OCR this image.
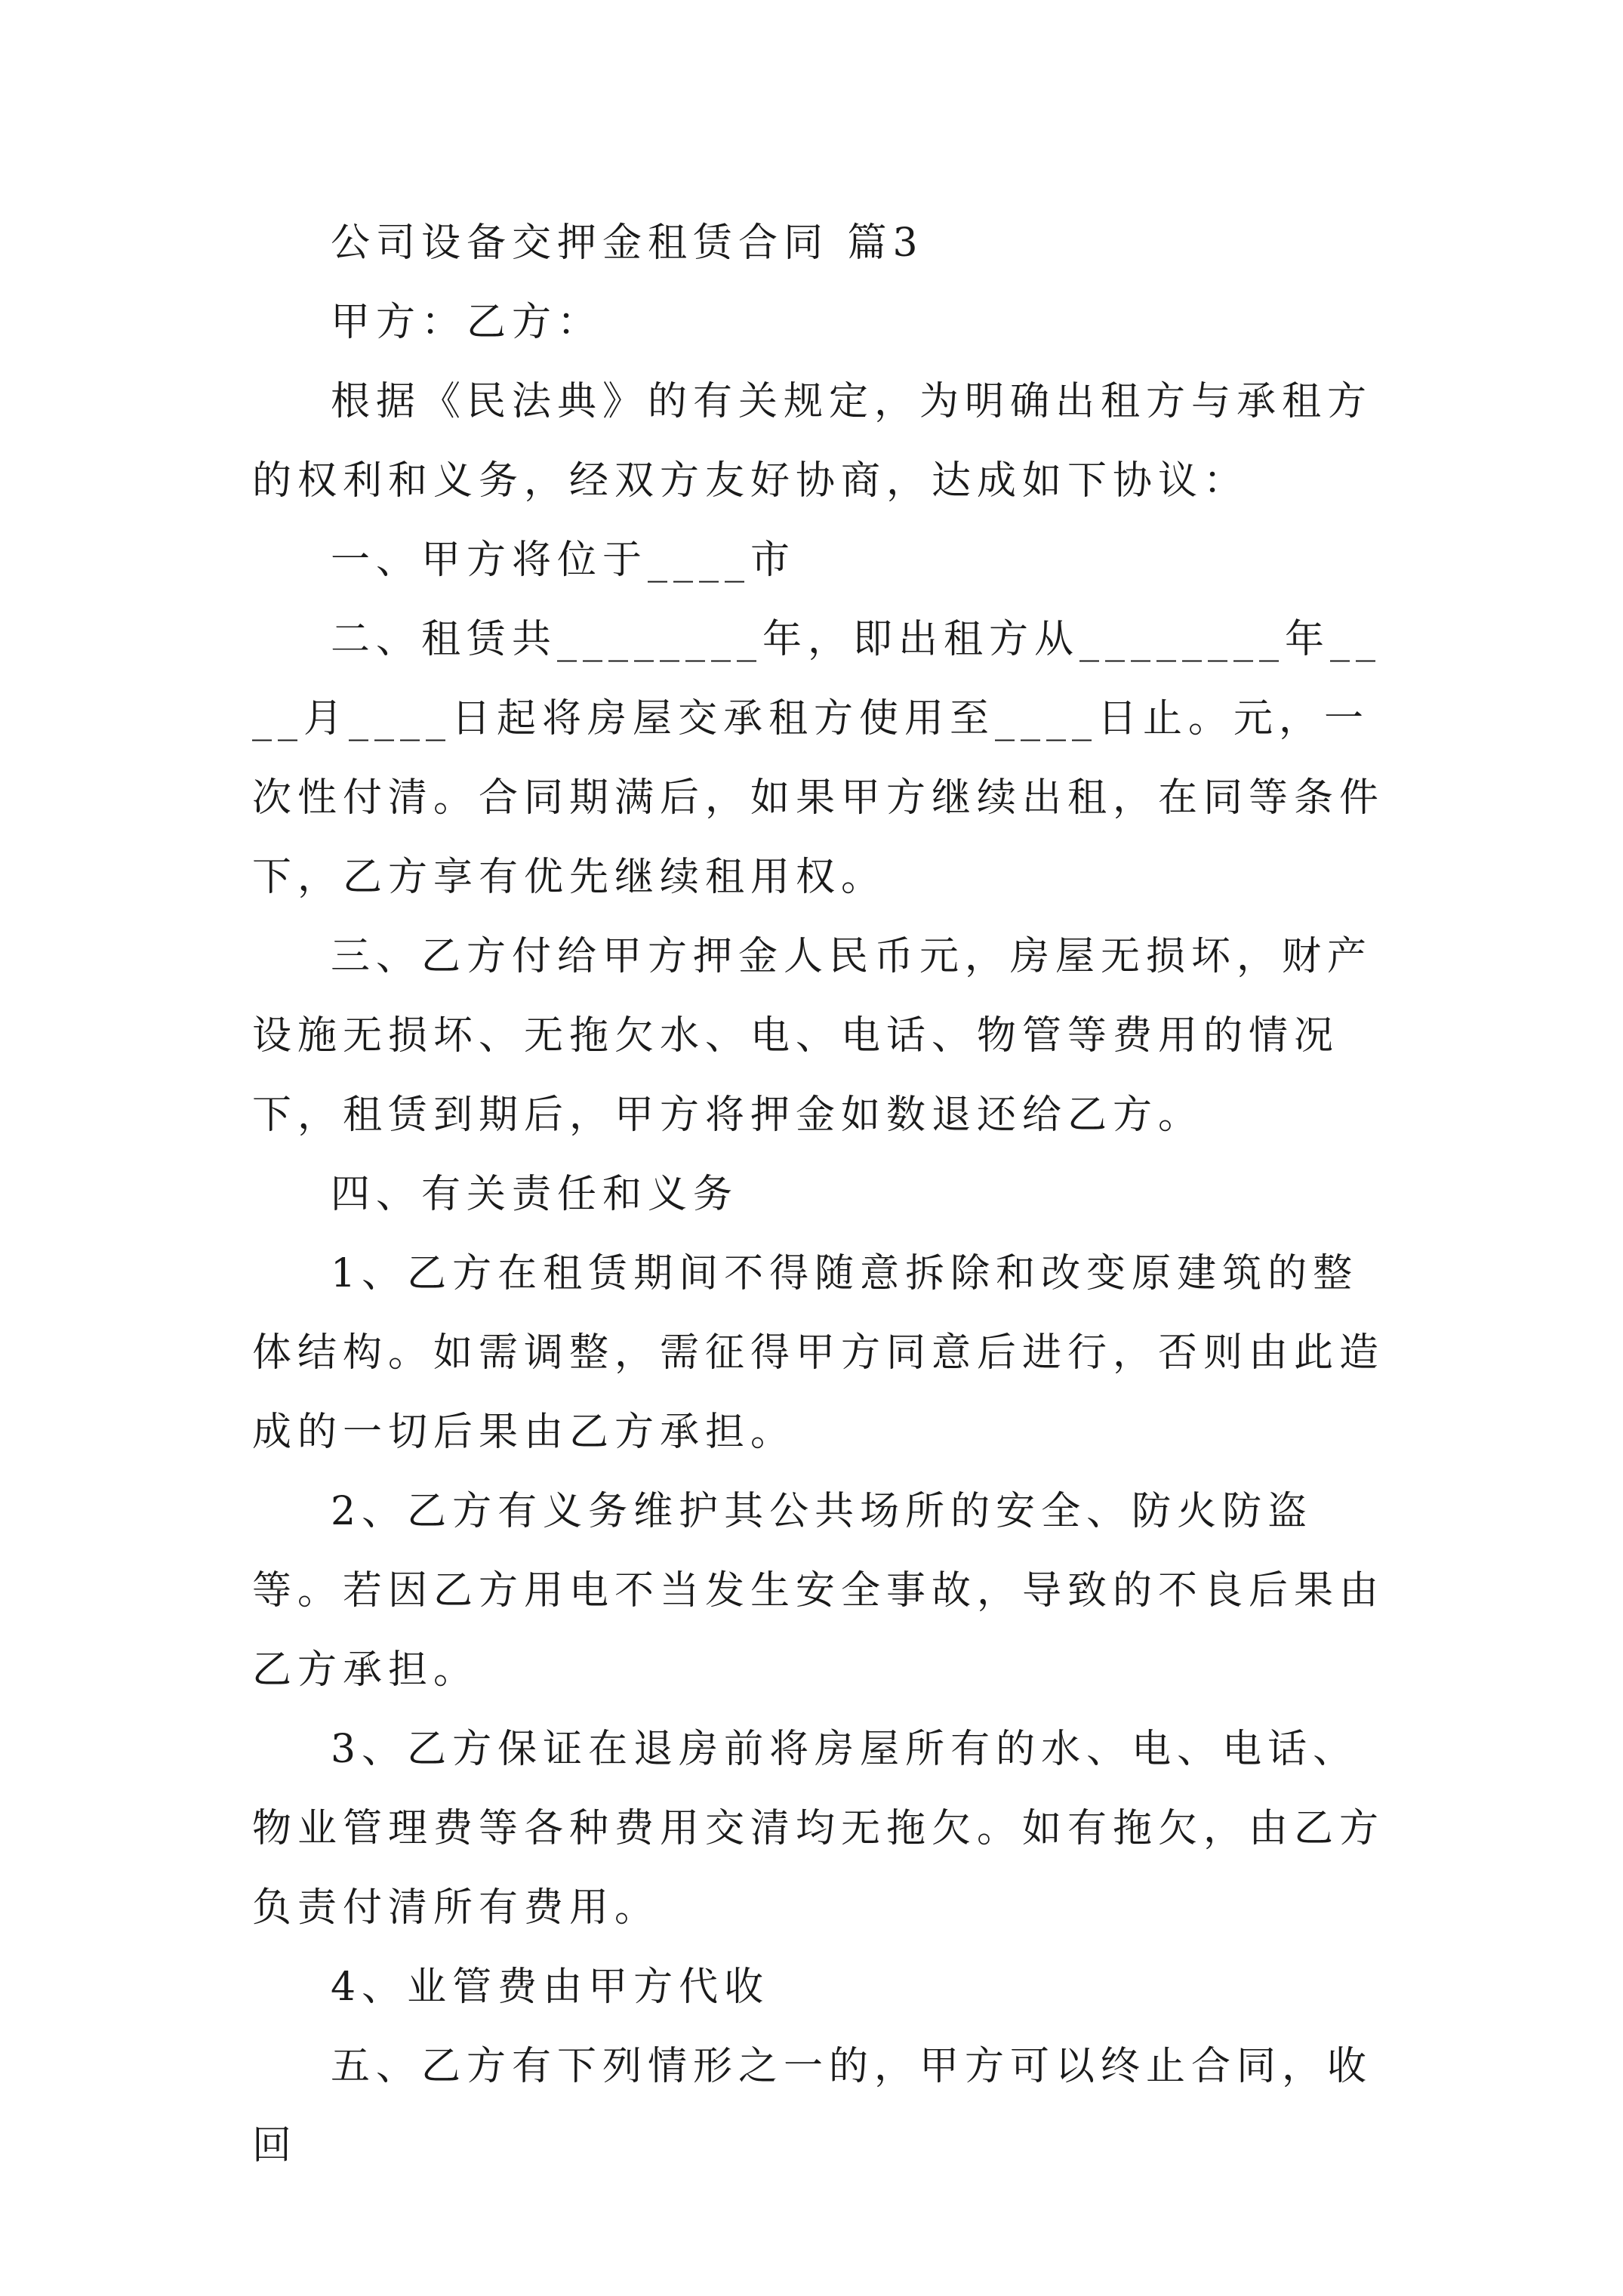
公司设备交押金租赁合同 篇3

甲方：乙方：

根据《民法典》的有关规定，为明确出租方与承租方的权利和义务，经双方友好协商，达成如下协议：

一、甲方将位于____市

二、租赁共________年，即出租方从________年____月____日起将房屋交承租方使用至____日止。元，一次性付清。合同期满后，如果甲方继续出租，在同等条件下，乙方享有优先继续租用权。

三、乙方付给甲方押金人民币元，房屋无损坏，财产设施无损坏、无拖欠水、电、电话、物管等费用的情况下，租赁到期后，甲方将押金如数退还给乙方。

四、有关责任和义务

1、乙方在租赁期间不得随意拆除和改变原建筑的整体结构。如需调整，需征得甲方同意后进行，否则由此造成的一切后果由乙方承担。

2、乙方有义务维护其公共场所的安全、防火防盗等。若因乙方用电不当发生安全事故，导致的不良后果由乙方承担。

3、乙方保证在退房前将房屋所有的水、电、电话、物业管理费等各种费用交清均无拖欠。如有拖欠，由乙方负责付清所有费用。

4、业管费由甲方代收

五、乙方有下列情形之一的，甲方可以终止合同，收回
